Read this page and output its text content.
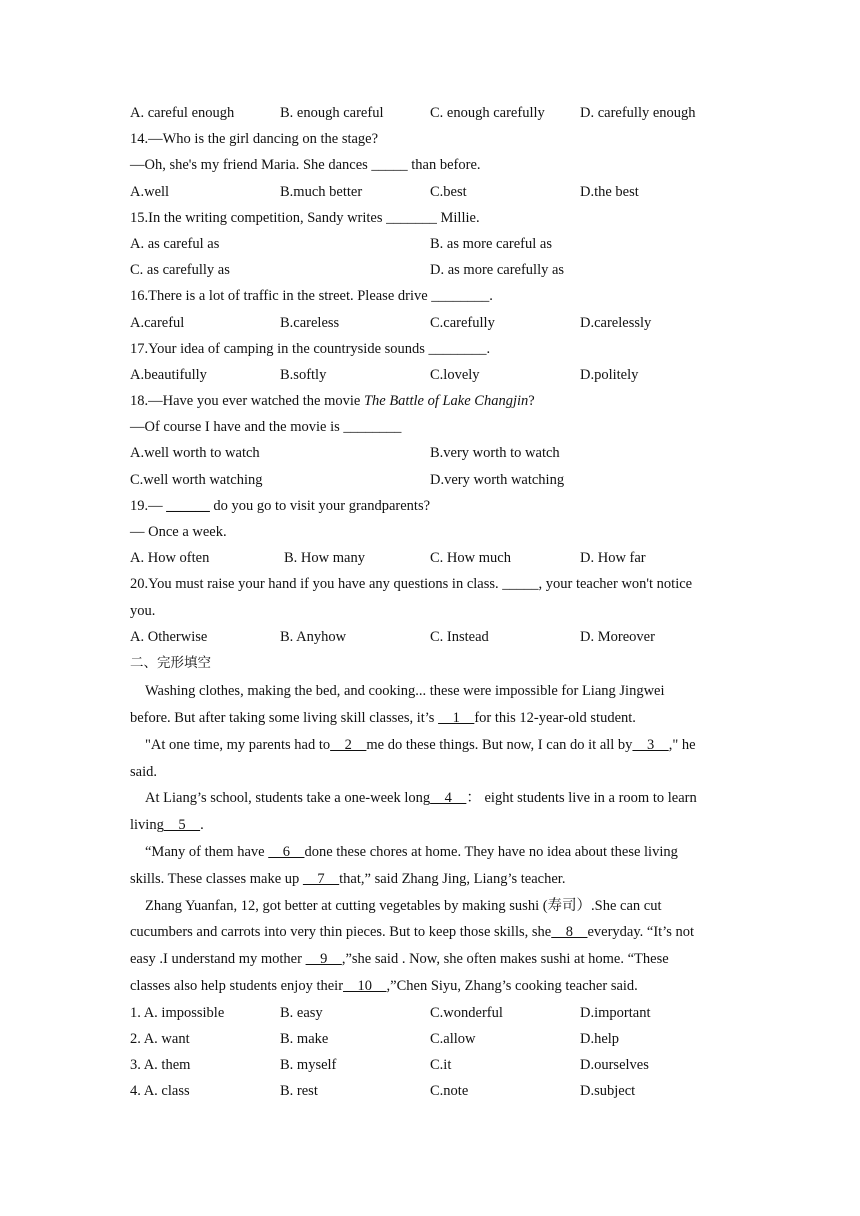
A. careful enough	B. enough careful	C. enough carefully	D. carefully enough
14.—Who is the girl dancing on the stage?
—Oh, she's my friend Maria. She dances _____ than before.
A.well	B.much better	C.best	D.the best
15.In the writing competition, Sandy writes _______ Millie.
A. as careful as	B. as more careful as
C. as carefully as	D. as more carefully as
16.There is a lot of traffic in the street. Please drive ________.
A.careful	B.careless	C.carefully	D.carelessly
17.Your idea of camping in the countryside sounds ________.
A.beautifully	B.softly	C.lovely	D.politely
18.—Have you ever watched the movie The Battle of Lake Changjin?
—Of course I have and the movie is ________
A.well worth to watch	B.very worth to watch
C.well worth watching	D.very worth watching
19.— ______ do you go to visit your grandparents?
— Once a week.
A. How often	B. How many	C. How much	D. How far
20.You must raise your hand if you have any questions in class. _____, your teacher won't notice
you.
A. Otherwise	B. Anyhow	C. Instead	D. Moreover
二、完形填空
Washing clothes, making the bed, and cooking... these were impossible for Liang Jingwei
before. But after taking some living skill classes, it’s     1    for this 12-year-old student.
"At one time, my parents had to    2    me do these things. But now, I can do it all by    3    ," he
said.
At Liang’s school, students take a one-week long    4    ： eight students live in a room to learn
living    5    .
“Many of them have     6    done these chores at home. They have no idea about these living
skills. These classes make up     7    that,” said Zhang Jing, Liang’s teacher.
Zhang Yuanfan, 12, got better at cutting vegetables by making sushi (寿司）.She can cut
cucumbers and carrots into very thin pieces. But to keep those skills, she    8    everyday. “It’s not
easy .I understand my mother     9    ,”she said . Now, she often makes sushi at home. “These
classes also help students enjoy their    10    ,”Chen Siyu, Zhang’s cooking teacher said.
1. A. impossible	B. easy	C.wonderful	D.important
2. A. want	B. make	C.allow	D.help
3. A. them	B. myself	C.it	D.ourselves
4. A. class	B. rest	C.note	D.subject
